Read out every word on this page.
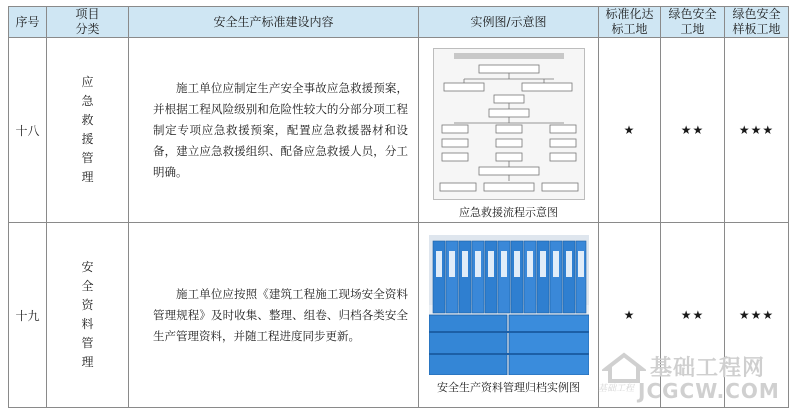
序号	项目分类	安全生产标准建设内容	实例图/示意图	标准化达标工地	绿色安全工地	绿色安全样板工地

十八	应急救援管理	施工单位应制定生产安全事故应急救援预案，并根据工程风险级别和危险性较大的分部分项工程制定专项应急救援预案，配置应急救援器材和设备，建立应急救援组织、配备应急救援人员，分工明确。	应急救援流程示意图	★	★★	★★★
十九	安全资料管理	施工单位应按照《建筑工程施工现场安全资料管理规程》及时收集、整理、组卷、归档各类安全生产管理资料，并随工程进度同步更新。	安全生产资料管理归档实例图	★	★★	★★★
基础工程网
基础工程 JCGCW.COM
